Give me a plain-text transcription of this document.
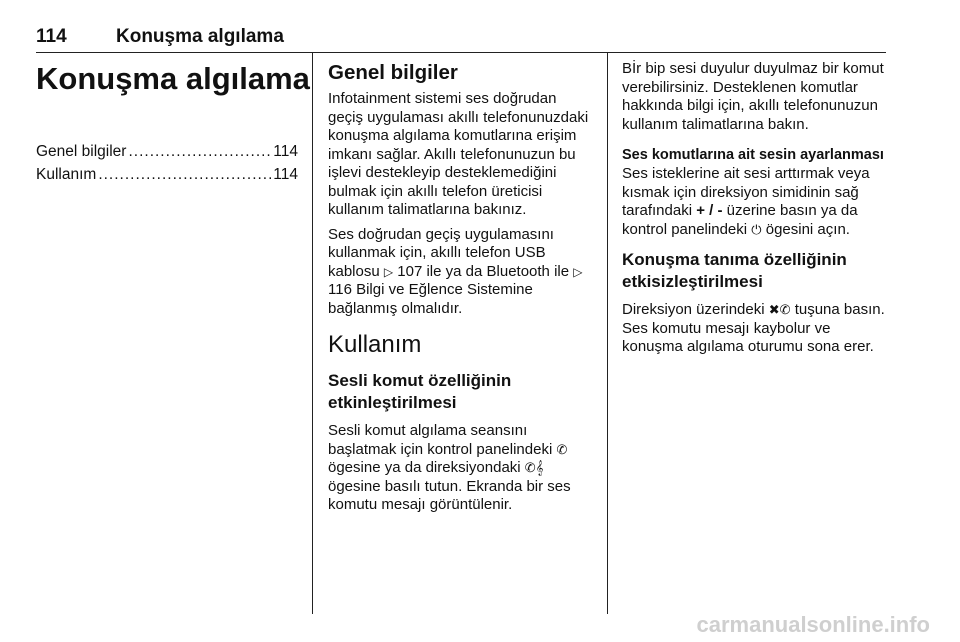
114	Konuşma algılama
Konuşma algılama
Genel bilgiler .....	114
Kullanım .....	114
Genel bilgiler

Infotainment sistemi ses doğrudan geçiş uygulaması akıllı telefonunuzdaki konuşma algılama komutlarına erişim imkanı sağlar. Akıllı telefonunuzun bu işlevi destekleyip desteklemediğini bulmak için akıllı telefon üreticisi kullanım talimatlarına bakınız.

Ses doğrudan geçiş uygulamasını kullanmak için, akıllı telefon USB kablosu ▷ 107 ile ya da Bluetooth ile ▷ 116 Bilgi ve Eğlence Sistemine bağlanmış olmalıdır.

Kullanım
Sesli komut özelliğinin etkinleştirilmesi

Sesli komut algılama seansını başlatmak için kontrol panelindeki ✆ ögesine ya da direksiyondaki ✆𝄞 ögesine basılı tutun. Ekranda bir ses komutu mesajı görüntülenir.

Bİr bip sesi duyulur duyulmaz bir komut verebilirsiniz. Desteklenen komutlar hakkında bilgi için, akıllı telefonunuzun kullanım talimatlarına bakın.

Ses komutlarına ait sesin ayarlanması

Ses isteklerine ait sesi arttırmak veya kısmak için direksiyon simidinin sağ tarafındaki + / - üzerine basın ya da kontrol panelindeki ⏻ ögesini açın.

Konuşma tanıma özelliğinin etkisizleştirilmesi

Direksiyon üzerindeki ✖✆ tuşuna basın. Ses komutu mesajı kaybolur ve konuşma algılama oturumu sona erer.

carmanualsonline.info
